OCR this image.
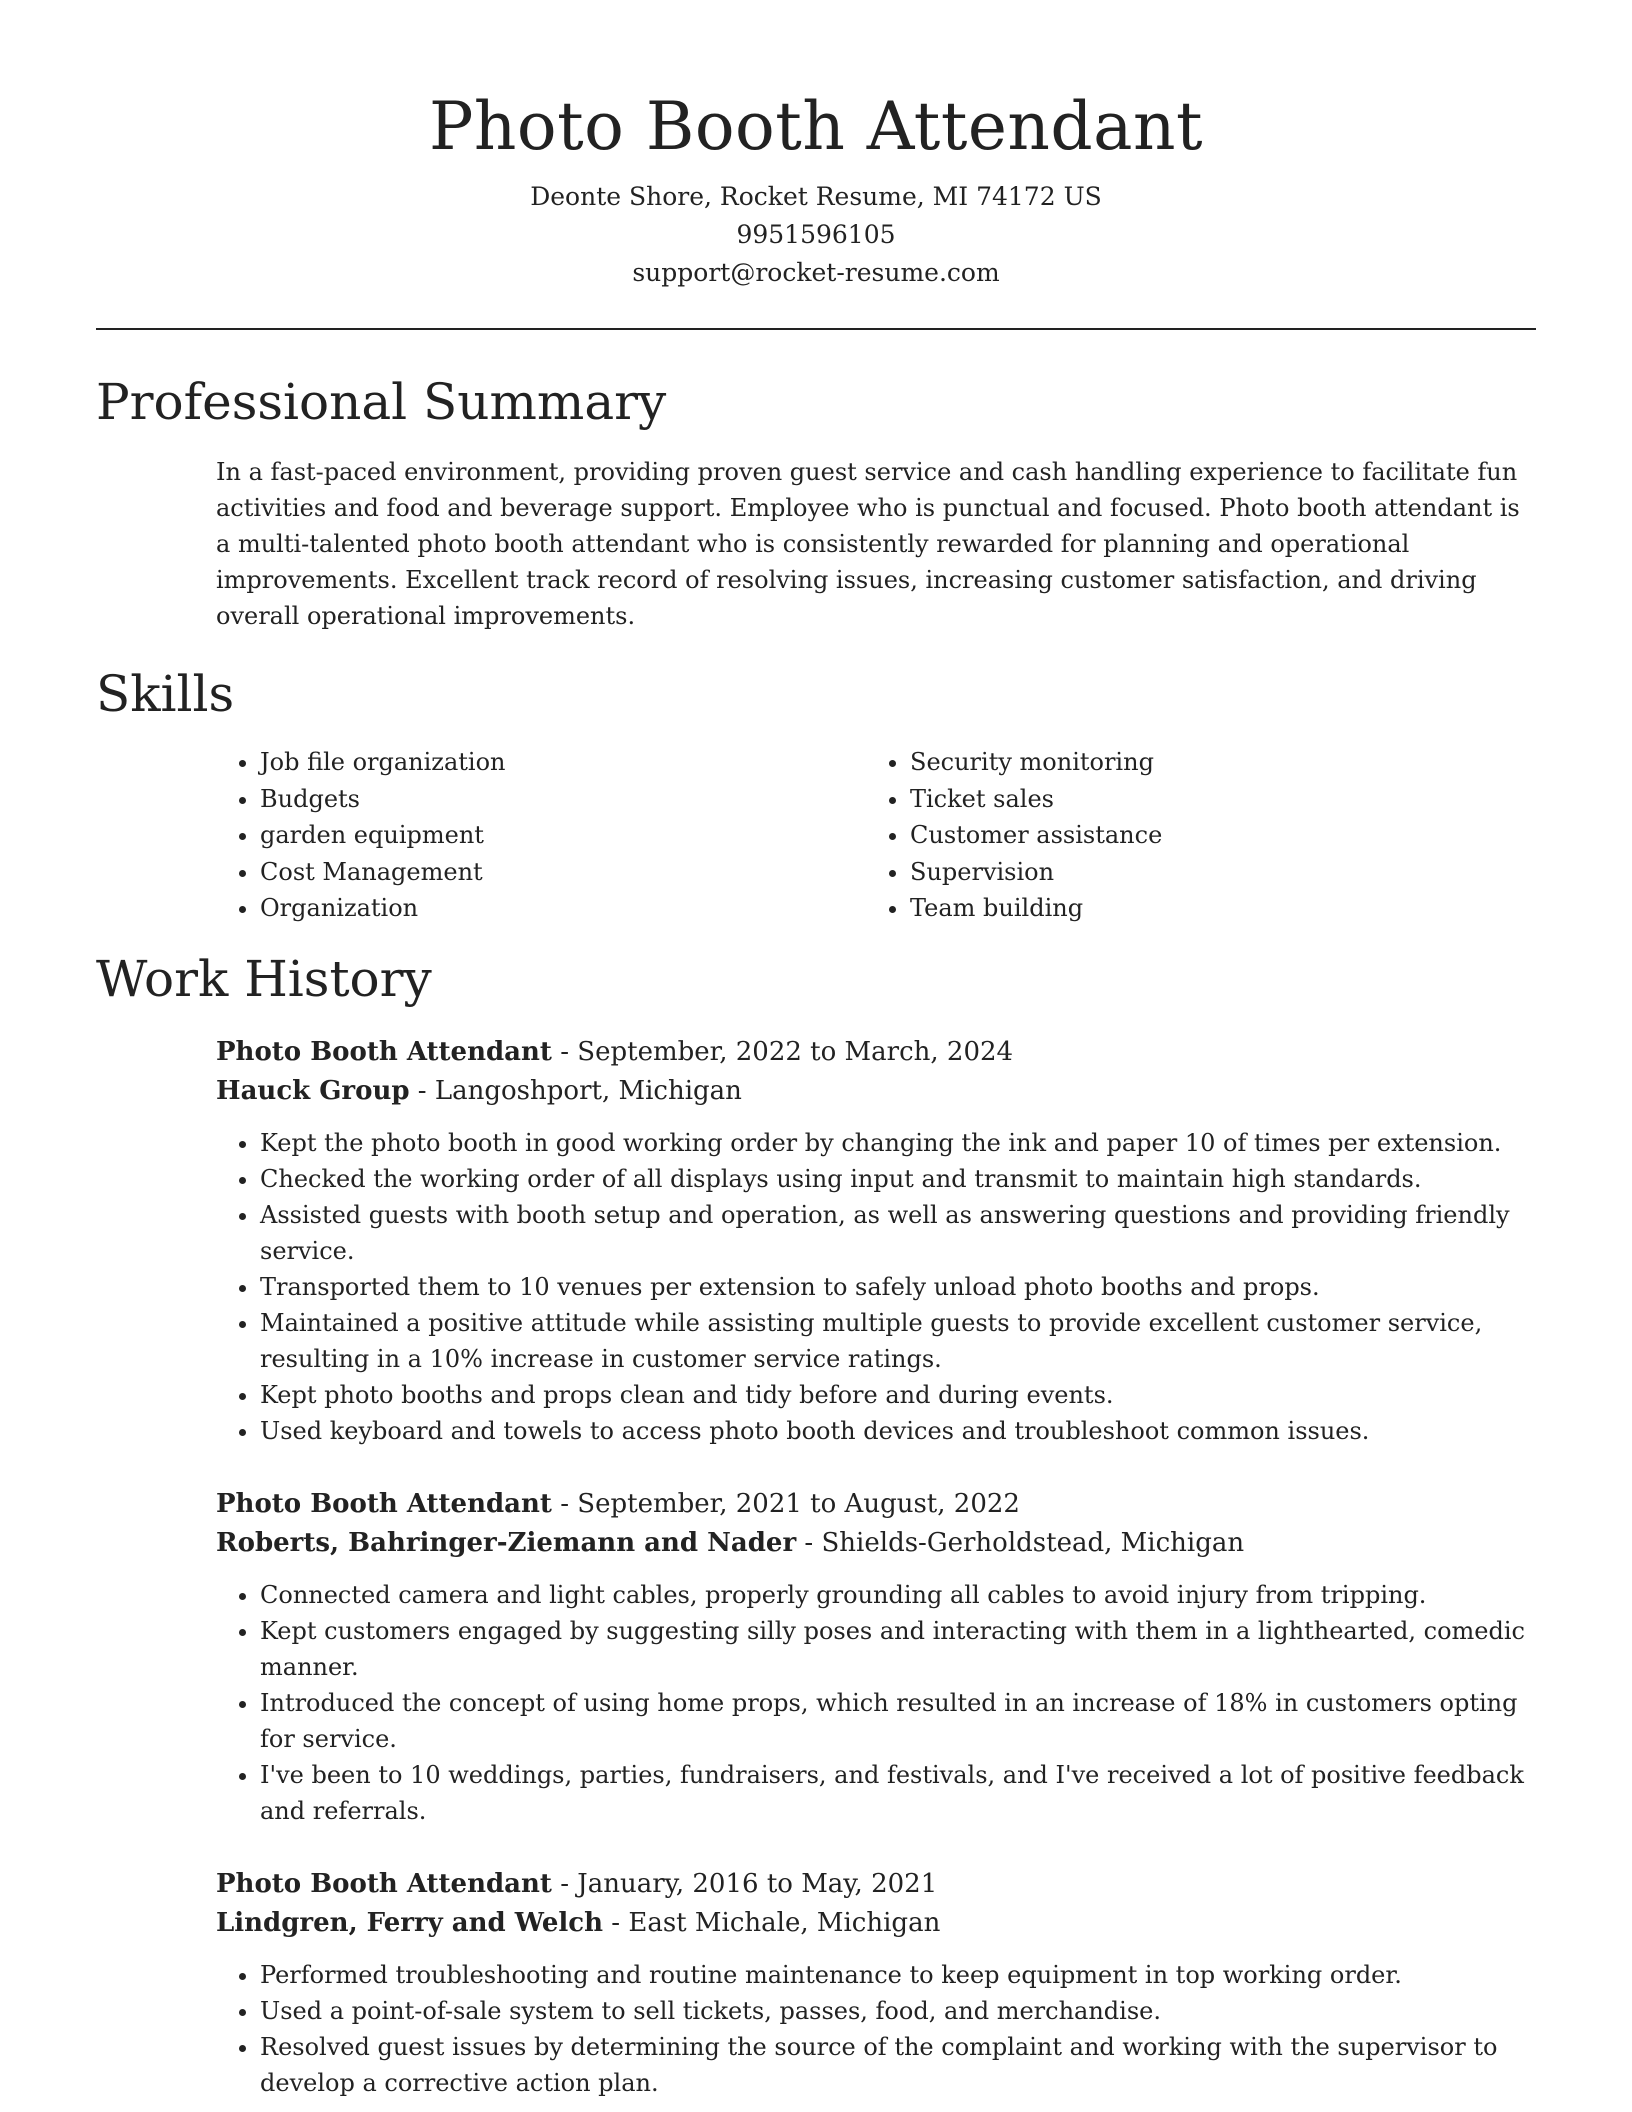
Photo Booth Attendant
Deonte Shore, Rocket Resume, MI 74172 US
9951596105
support@rocket-resume.com
Professional Summary
In a fast-paced environment, providing proven guest service and cash handling experience to facilitate fun activities and food and beverage support. Employee who is punctual and focused. Photo booth attendant is a multi-talented photo booth attendant who is consistently rewarded for planning and operational improvements. Excellent track record of resolving issues, increasing customer satisfaction, and driving overall operational improvements.
Skills
• Job file organization
• Budgets
• garden equipment
• Cost Management
• Organization
• Security monitoring
• Ticket sales
• Customer assistance
• Supervision
• Team building
Work History
Photo Booth Attendant - September, 2022 to March, 2024
Hauck Group - Langoshport, Michigan
• Kept the photo booth in good working order by changing the ink and paper 10 of times per extension.
• Checked the working order of all displays using input and transmit to maintain high standards.
• Assisted guests with booth setup and operation, as well as answering questions and providing friendly service.
• Transported them to 10 venues per extension to safely unload photo booths and props.
• Maintained a positive attitude while assisting multiple guests to provide excellent customer service, resulting in a 10% increase in customer service ratings.
• Kept photo booths and props clean and tidy before and during events.
• Used keyboard and towels to access photo booth devices and troubleshoot common issues.
Photo Booth Attendant - September, 2021 to August, 2022
Roberts, Bahringer-Ziemann and Nader - Shields-Gerholdstead, Michigan
• Connected camera and light cables, properly grounding all cables to avoid injury from tripping.
• Kept customers engaged by suggesting silly poses and interacting with them in a lighthearted, comedic manner.
• Introduced the concept of using home props, which resulted in an increase of 18% in customers opting for service.
• I've been to 10 weddings, parties, fundraisers, and festivals, and I've received a lot of positive feedback and referrals.
Photo Booth Attendant - January, 2016 to May, 2021
Lindgren, Ferry and Welch - East Michale, Michigan
• Performed troubleshooting and routine maintenance to keep equipment in top working order.
• Used a point-of-sale system to sell tickets, passes, food, and merchandise.
• Resolved guest issues by determining the source of the complaint and working with the supervisor to develop a corrective action plan.
